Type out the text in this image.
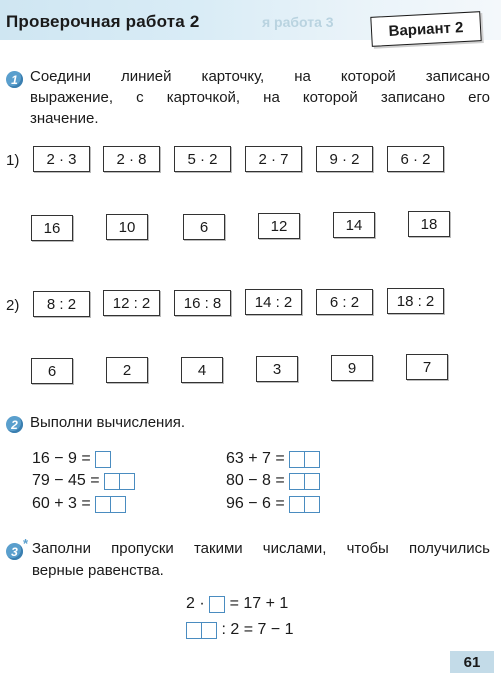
я работа 3
Проверочная работа 2	Вариант 2
1 Соедини линией карточку, на которой записано
выражение, с карточкой, на которой записано его
значение.
1)	2 · 3	2 · 8	5 · 2	2 · 7	9 · 2	6 · 2
16	10	6	12	14	18
2)	8 : 2	12 : 2	16 : 8	14 : 2	6 : 2	18 : 2
6	2	4	3	9	7
2 Выполни вычисления.
16 − 9 =

79 − 45 =

60 + 3 =

63 + 7 =

80 − 8 =

96 − 6 =

3
* Заполни пропуски такими числами, чтобы получились
верные равенства.
2 ·

= 17 + 1

: 2 = 7 − 1
61
